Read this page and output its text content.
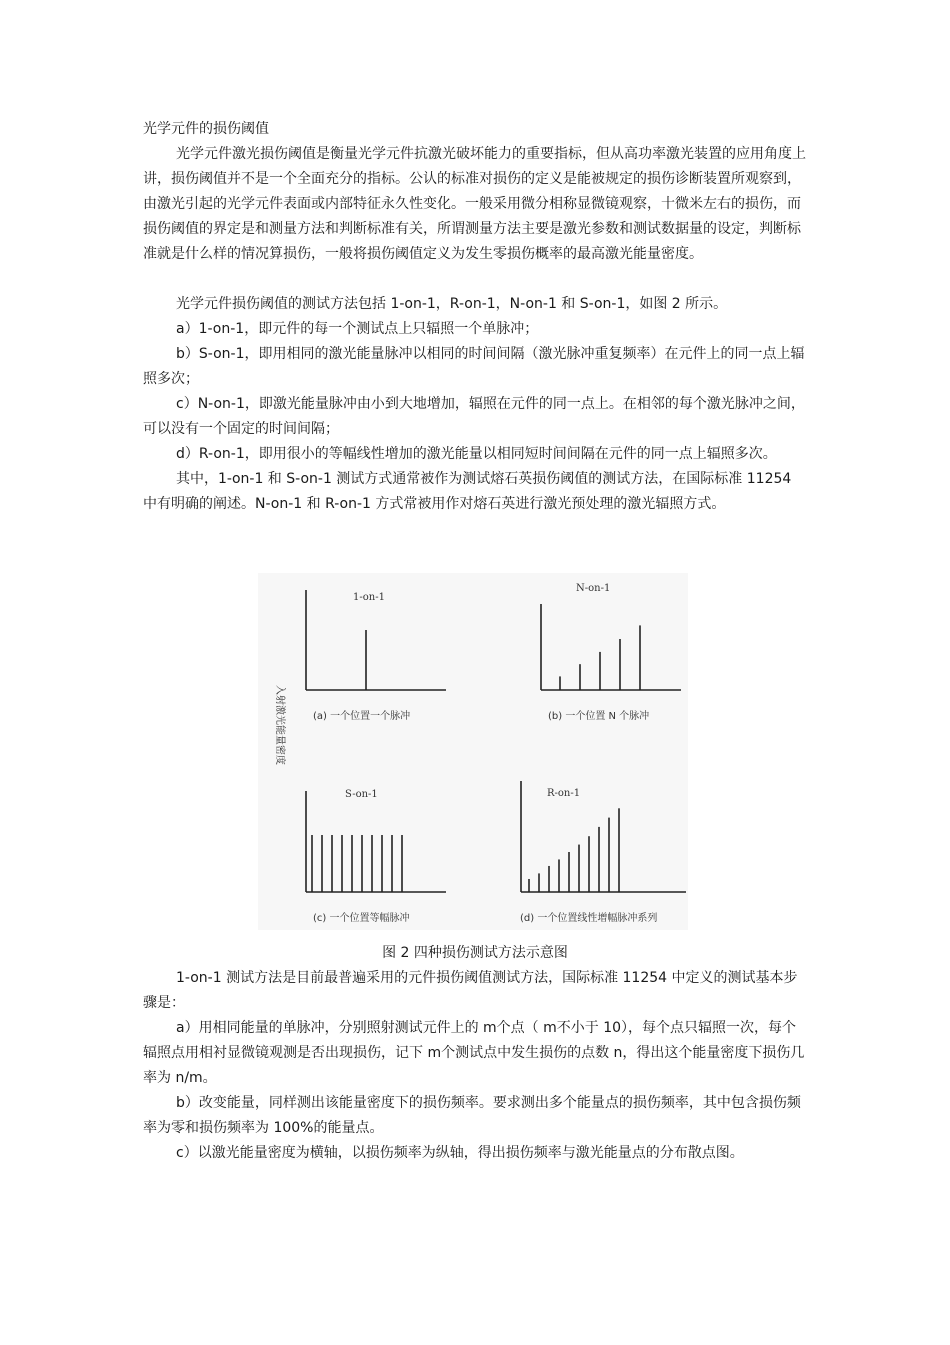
光学元件的损伤阈值
光学元件激光损伤阈值是衡量光学元件抗激光破坏能力的重要指标，但从高功率激光装置的应用角度上讲，损伤阈值并不是一个全面充分的指标。公认的标准对损伤的定义是能被规定的损伤诊断装置所观察到，由激光引起的光学元件表面或内部特征永久性变化。一般采用微分相称显微镜观察，十微米左右的损伤，而损伤阈值的界定是和测量方法和判断标准有关，所谓测量方法主要是激光参数和测试数据量的设定，判断标准就是什么样的情况算损伤，一般将损伤阈值定义为发生零损伤概率的最高激光能量密度。

光学元件损伤阈值的测试方法包括 1-on-1，R-on-1，N-on-1 和 S-on-1，如图 2 所示。

a）1-on-1，即元件的每一个测试点上只辐照一个单脉冲；

b）S-on-1，即用相同的激光能量脉冲以相同的时间间隔（激光脉冲重复频率）在元件上的同一点上辐照多次；

c）N-on-1，即激光能量脉冲由小到大地增加，辐照在元件的同一点上。在相邻的每个激光脉冲之间，可以没有一个固定的时间间隔；

d）R-on-1，即用很小的等幅线性增加的激光能量以相同短时间间隔在元件的同一点上辐照多次。

其中，1-on-1 和 S-on-1 测试方式通常被作为测试熔石英损伤阈值的测试方法，在国际标准 11254 中有明确的阐述。N-on-1 和 R-on-1 方式常被用作对熔石英进行激光预处理的激光辐照方式。

入射激光能量密度
1-on-1
(a) 一个位置一个脉冲
N-on-1
(b) 一个位置 N 个脉冲
S-on-1
(c) 一个位置等幅脉冲
R-on-1
(d) 一个位置线性增幅脉冲系列
图 2 四种损伤测试方法示意图

1-on-1 测试方法是目前最普遍采用的元件损伤阈值测试方法，国际标准 11254 中定义的测试基本步骤是：

a）用相同能量的单脉冲，分别照射测试元件上的 m个点（ m不小于 10），每个点只辐照一次，每个辐照点用相衬显微镜观测是否出现损伤，记下 m个测试点中发生损伤的点数 n，得出这个能量密度下损伤几率为 n/m。

b）改变能量，同样测出该能量密度下的损伤频率。要求测出多个能量点的损伤频率，其中包含损伤频率为零和损伤频率为 100%的能量点。

c）以激光能量密度为横轴，以损伤频率为纵轴，得出损伤频率与激光能量点的分布散点图。
